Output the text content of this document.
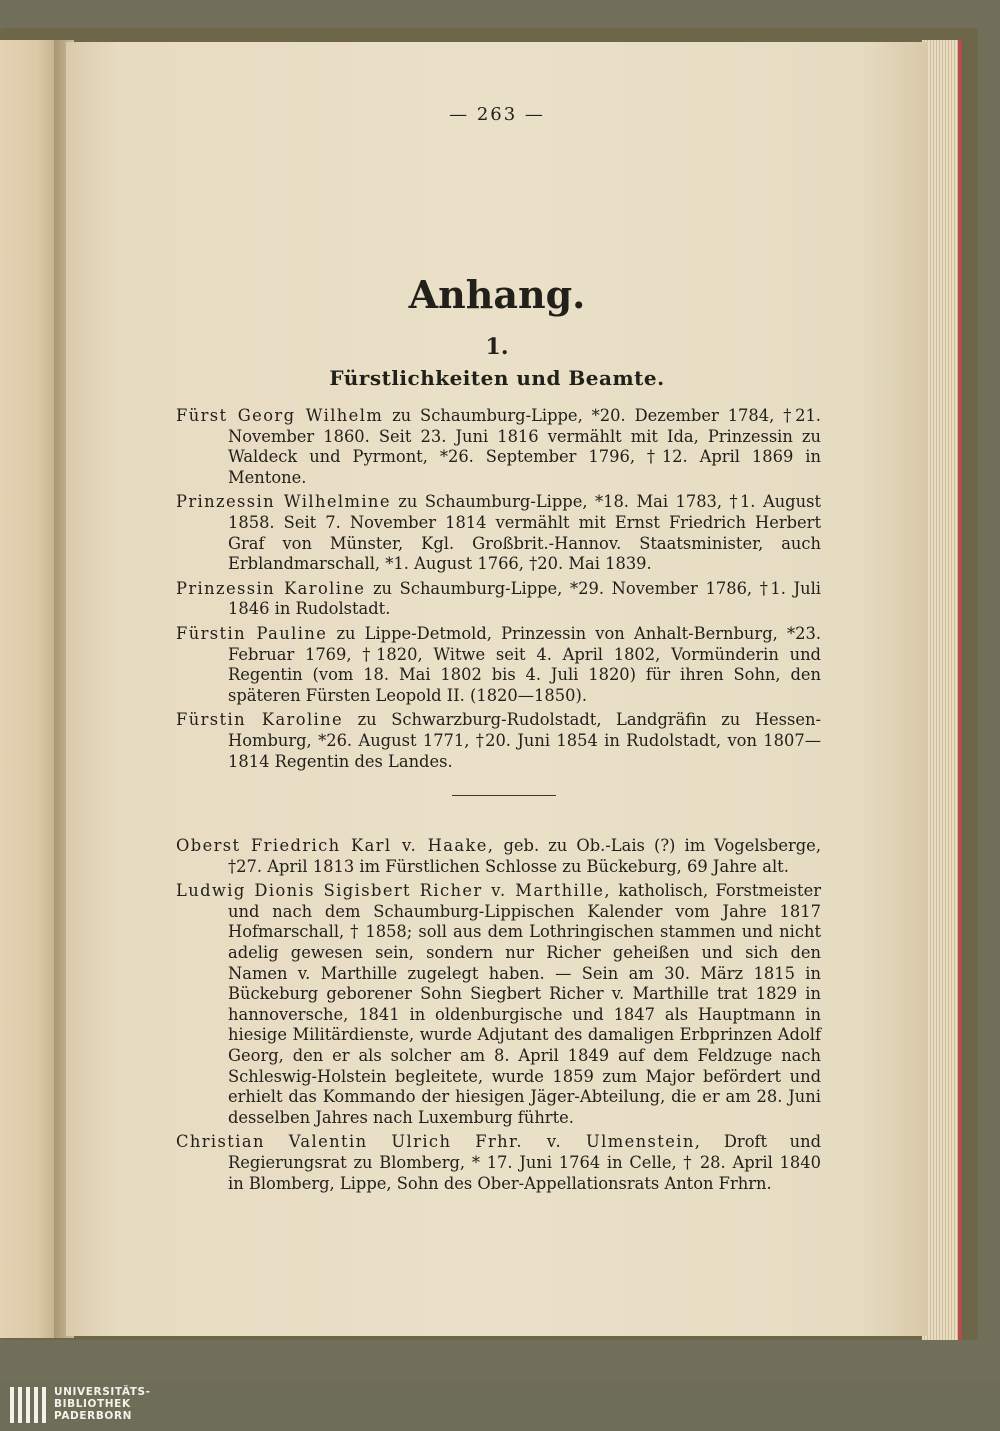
— 263 —
Anhang.
1.
Fürstlichkeiten und Beamte.

Fürst Georg Wilhelm zu Schaumburg-Lippe, *20. Dezember 1784, †21. November 1860. Seit 23. Juni 1816 vermählt mit Ida, Prinzessin zu Waldeck und Pyrmont, *26. September 1796, †12. April 1869 in Mentone.

Prinzessin Wilhelmine zu Schaumburg-Lippe, *18. Mai 1783, †1. August 1858. Seit 7. November 1814 vermählt mit Ernst Friedrich Herbert Graf von Münster, Kgl. Großbrit.-Hannov. Staatsminister, auch Erblandmarschall, *1. August 1766, †20. Mai 1839.

Prinzessin Karoline zu Schaumburg-Lippe, *29. November 1786, †1. Juli 1846 in Rudolstadt.

Fürstin Pauline zu Lippe-Detmold, Prinzessin von Anhalt-Bernburg, *23. Februar 1769, †1820, Witwe seit 4. April 1802, Vormünderin und Regentin (vom 18. Mai 1802 bis 4. Juli 1820) für ihren Sohn, den späteren Fürsten Leopold II. (1820—1850).

Fürstin Karoline zu Schwarzburg-Rudolstadt, Landgräfin zu Hessen-Homburg, *26. August 1771, †20. Juni 1854 in Rudolstadt, von 1807—1814 Regentin des Landes.

Oberst Friedrich Karl v. Haake, geb. zu Ob.-Lais (?) im Vogelsberge, †27. April 1813 im Fürstlichen Schlosse zu Bückeburg, 69 Jahre alt.

Ludwig Dionis Sigisbert Richer v. Marthille, katholisch, Forstmeister und nach dem Schaumburg-Lippischen Kalender vom Jahre 1817 Hofmarschall, † 1858; soll aus dem Lothringischen stammen und nicht adelig gewesen sein, sondern nur Richer geheißen und sich den Namen v. Marthille zugelegt haben. — Sein am 30. März 1815 in Bückeburg geborener Sohn Siegbert Richer v. Marthille trat 1829 in hannoversche, 1841 in oldenburgische und 1847 als Hauptmann in hiesige Militärdienste, wurde Adjutant des damaligen Erbprinzen Adolf Georg, den er als solcher am 8. April 1849 auf dem Feldzuge nach Schleswig-Holstein begleitete, wurde 1859 zum Major befördert und erhielt das Kommando der hiesigen Jäger-Abteilung, die er am 28. Juni desselben Jahres nach Luxemburg führte.

Christian Valentin Ulrich Frhr. v. Ulmenstein, Droft und Regierungsrat zu Blomberg, * 17. Juni 1764 in Celle, † 28. April 1840 in Blomberg, Lippe, Sohn des Ober-Appellationsrats Anton Frhrn.

UNIVERSITÄTS-
BIBLIOTHEK
PADERBORN
